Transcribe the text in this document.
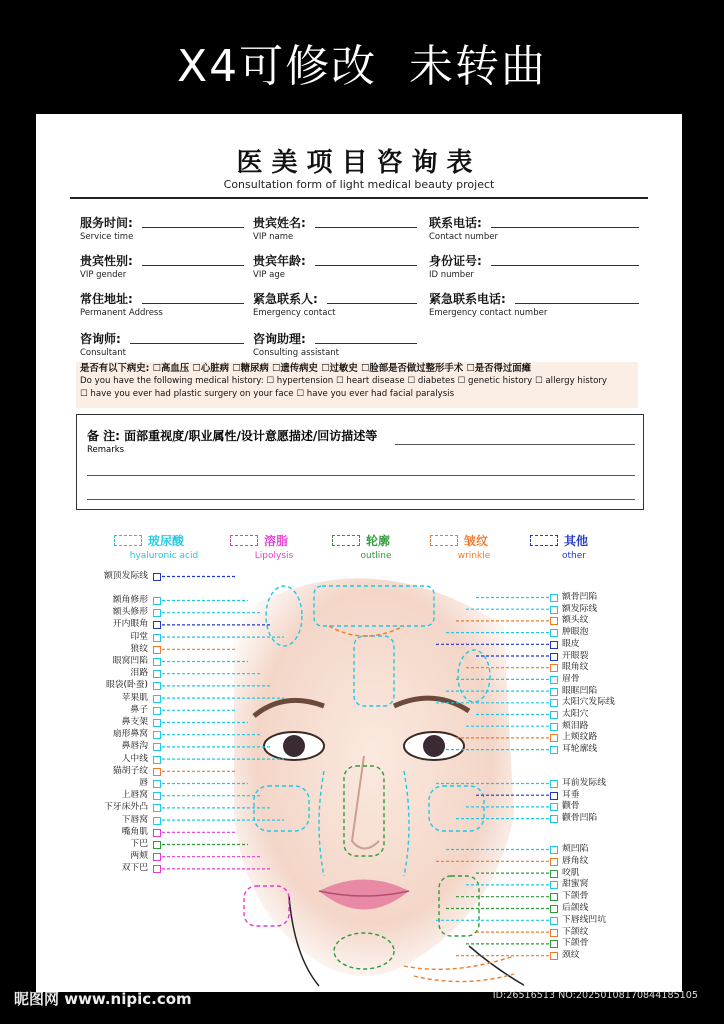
X4可修改  未转曲
医美项目咨询表
Consultation form of light medical beauty project
服务时间:
Service time
贵宾姓名:
VIP name
联系电话:
Contact number
贵宾性别:
VIP gender
贵宾年龄:
VIP age
身份证号:
ID number
常住地址:
Permanent Address
紧急联系人:
Emergency contact
紧急联系电话:
Emergency contact number
咨询师:
Consultant
咨询助理:
Consulting assistant
是否有以下病史: ☐高血压 ☐心脏病 ☐糖尿病 ☐遗传病史 ☐过敏史 ☐脸部是否做过整形手术 ☐是否得过面瘫
Do you have the following medical history: ☐ hypertension ☐ heart disease ☐ diabetes ☐ genetic history ☐ allergy history
☐ have you ever had plastic surgery on your face ☐ have you ever had facial paralysis
备 注: 面部重视度/职业属性/设计意愿描述/回访描述等
Remarks
玻尿酸
hyaluronic acid
溶脂
Lipolysis
轮廓
outline
皱纹
wrinkle
其他
other
额顶发际线
额角修形
额头修形
开内眼角
印堂
狼纹
眼窝凹陷
泪路
眼袋(卧蚕)
苹果肌
鼻子
鼻支架
扇形鼻窝
鼻唇沟
人中线
猫胡子纹
唇
上唇窝
下牙床外凸
下唇窝
嘴角肌
下巴
两颊
双下巴
额骨凹陷
额发际线
额头纹
肿眼泡
眼皮
开眼裂
眼角纹
眉骨
眼眶凹陷
太阳穴发际线
太阳穴
颊泪路
上颊纹路
耳轮廓线
耳前发际线
耳垂
颧骨
颧骨凹陷
颊凹陷
唇角纹
咬肌
甜蜜窝
下颌骨
后颌线
下唇线凹坑
下颌纹
下颌骨
颈纹
昵图网 www.nipic.com	ID:26516513 NO:20250108170844185105
